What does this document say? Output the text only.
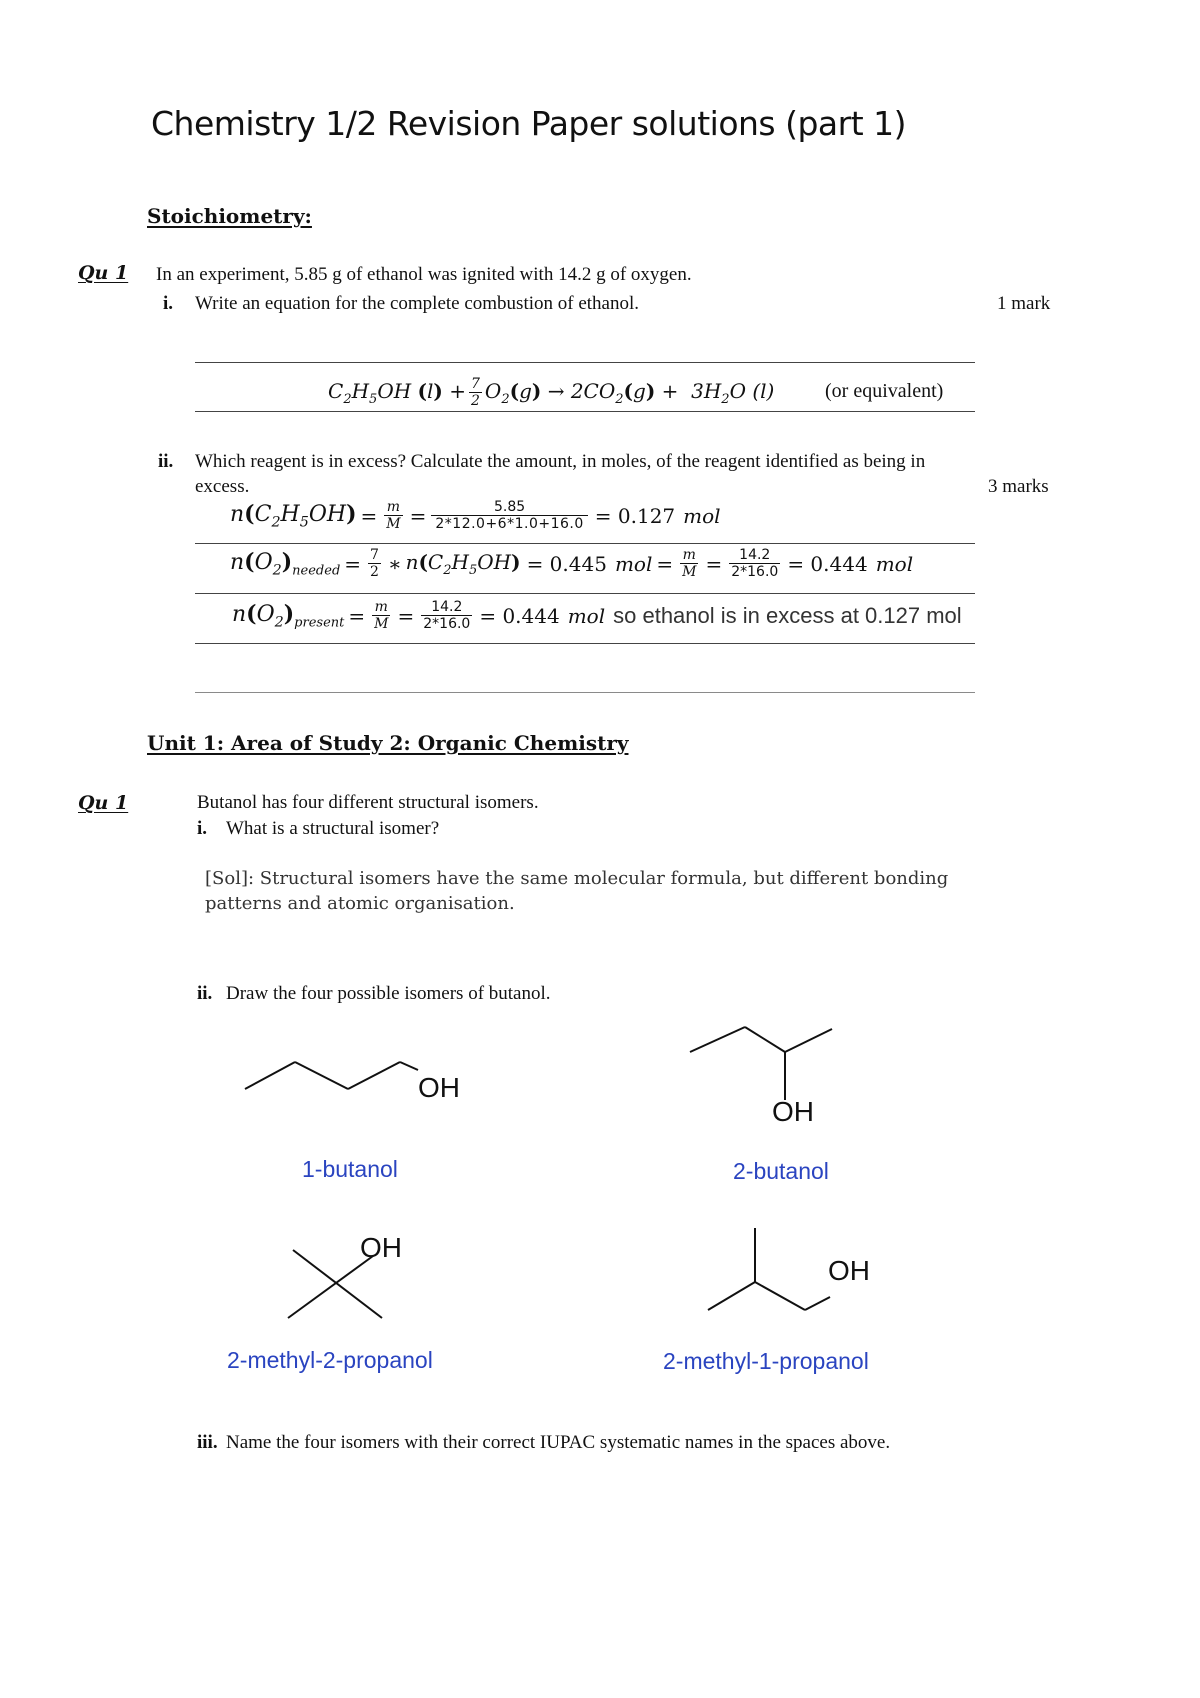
Chemistry 1/2 Revision Paper solutions (part 1)
Stoichiometry:
Qu 1 In an experiment, 5.85 g of ethanol was ignited with 14.2 g of oxygen.
i. Write an equation for the complete combustion of ethanol.	1 mark
$C_2H_5OH$ $(l) + \frac{7}{2} O_2(g) \to 2CO_2(g) + 3H_2O$ (l)	(or equivalent)
ii. Which reagent is in excess? Calculate the amount, in moles, of the reagent identified as being in
excess.	3 marks
$n(C_2H_5OH) = \frac{m}{M} = \frac{5.85}{2*12.0+6*1.0+16.0} = 0.127$ mol
$n(O_2)_{needed} = \frac{7}{2}$ ∗ $n(C_2H_5OH) = 0.445$ mol = $\frac{m}{M} = \frac{14.2}{2*16.0} = 0.444$ mol
$n(O_2)_{present} = \frac{m}{M} = \frac{14.2}{2*16.0} = 0.444$ mol so ethanol is in excess at 0.127 mol
Unit 1: Area of Study 2: Organic Chemistry
Qu 1	Butanol has four different structural isomers.
i. What is a structural isomer?
[Sol]: Structural isomers have the same molecular formula, but different bonding
patterns and atomic organisation.
ii. Draw the four possible isomers of butanol.
OH
1-butanol
OH
2-butanol
OH
2-methyl-2-propanol
OH
2-methyl-1-propanol
iii. Name the four isomers with their correct IUPAC systematic names in the spaces above.
